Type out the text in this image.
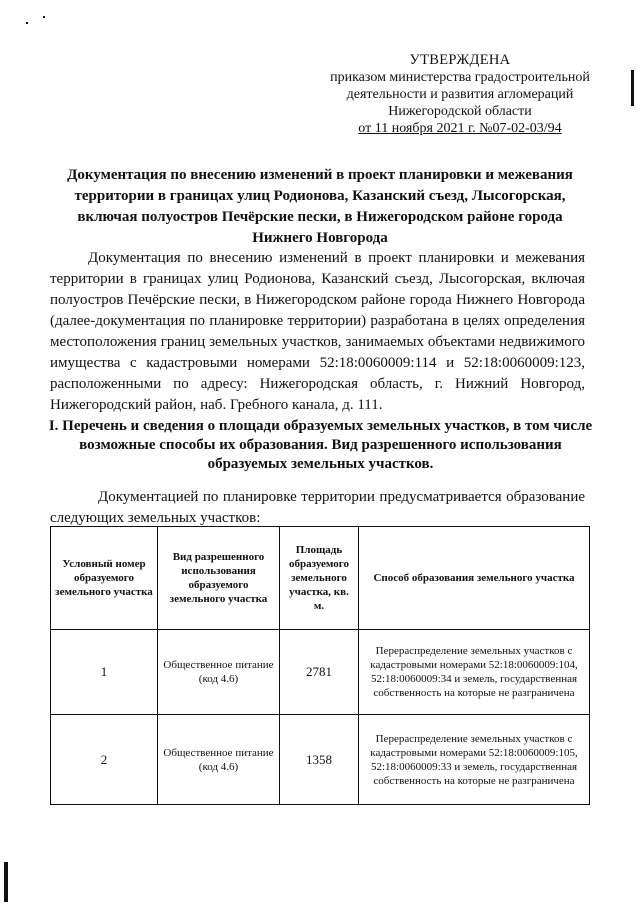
УТВЕРЖДЕНА
приказом министерства градостроительной
деятельности и развития агломераций
Нижегородской области
от 11 ноября 2021 г. №07-02-03/94
Документация по внесению изменений в проект планировки и межевания территории в границах улиц Родионова, Казанский съезд, Лысогорская, включая полуостров Печёрские пески, в Нижегородском районе города Нижнего Новгорода
Документация по внесению изменений в проект планировки и межевания территории в границах улиц Родионова, Казанский съезд, Лысогорская, включая полуостров Печёрские пески, в Нижегородском районе города Нижнего Новгорода (далее-документация по планировке территории) разработана в целях определения местоположения границ земельных участков, занимаемых объектами недвижимого имущества с кадастровыми номерами 52:18:0060009:114 и 52:18:0060009:123, расположенными по адресу: Нижегородская область, г. Нижний Новгород, Нижегородский район, наб. Гребного канала, д. 111.
I. Перечень и сведения о площади образуемых земельных участков, в том числе возможные способы их образования. Вид разрешенного использования образуемых земельных участков.
Документацией по планировке территории предусматривается образование следующих земельных участков:
Условный номер образуемого земельного участка	Вид разрешенного использования образуемого земельного участка	Площадь образуемого земельного участка, кв. м.	Способ образования земельного участка
1	Общественное питание (код 4.6)	2781	Перераспределение земельных участков с кадастровыми номерами 52:18:0060009:104, 52:18:0060009:34 и земель, государственная собственность на которые не разграничена
2	Общественное питание (код 4.6)	1358	Перераспределение земельных участков с кадастровыми номерами 52:18:0060009:105, 52:18:0060009:33 и земель, государственная собственность на которые не разграничена
